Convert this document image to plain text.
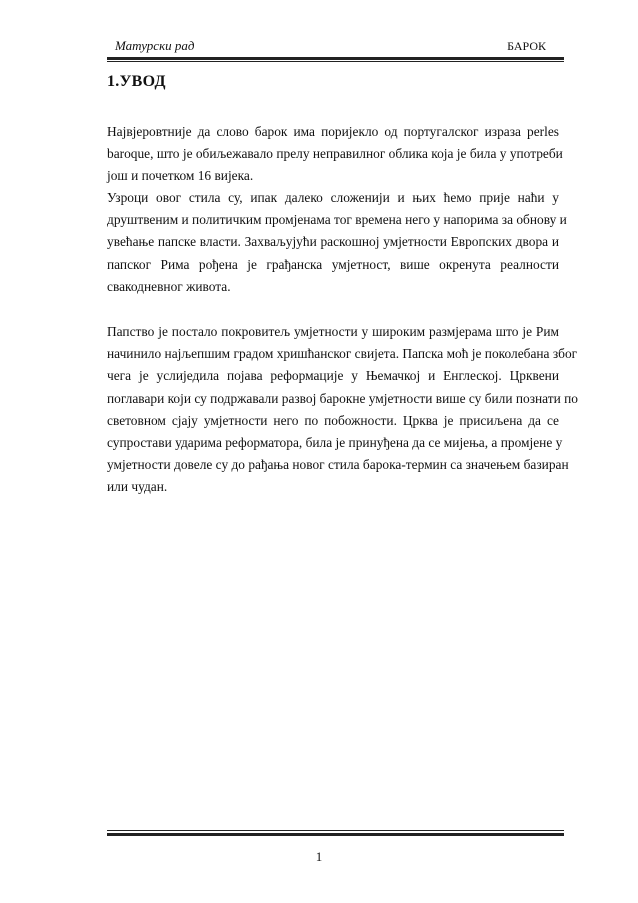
Матурски рад	БАРОК
1.УВОД

Највјеровтније да слово барок има поријекло од португалског израза perles
baroque, што је обиљежавало прелу неправилног облика која је била у употреби
још и почетком 16 вијека.

Узроци овог стила су, ипак далеко сложенији и њих ћемо прије наћи у
друштвеним и политичким промјенама тог времена него у напорима за обнову и
увећање папске власти. Захваљујући раскошној умјетности Европских двора и
папског Рима рођена је грађанска умјетност, више окренута реалности
свакодневног живота.

Папство је постало покровитељ умјетности у широким размјерама што је Рим
начинило најљепшим градом хришћанског свијета. Папска моћ је поколебана због
чега је услиједила појава реформације у Њемачкој и Енглеској. Црквени
поглавари који су подржавали развој барокне умјетности више су били познати по
световном сјају умјетности него по побожности. Црква је присиљена да се
супростави ударима реформатора, била је принуђена да се мијења, а промјене у
умјетности довеле су до рађања новог стила барока-термин са значењем базиран
или чудан.

1
